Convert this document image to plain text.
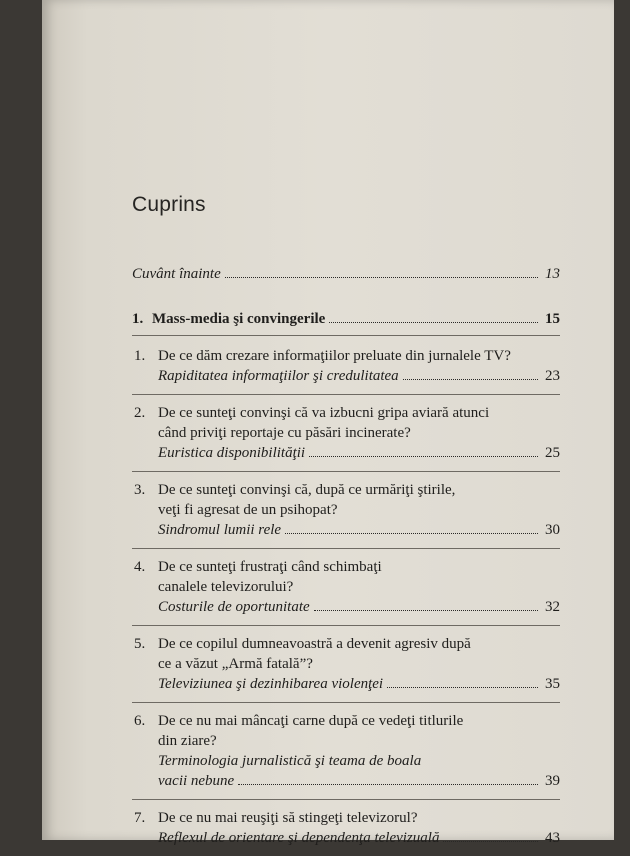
Cuprins
Cuvânt înainte	13
1. Mass-media şi convingerile	15
1. De ce dăm crezare informaţiilor preluate din jurnalele TV?
Rapiditatea informaţiilor şi credulitatea	23
2. De ce sunteţi convinşi că va izbucni gripa aviară atunci
când priviţi reportaje cu păsări incinerate?
Euristica disponibilităţii	25
3. De ce sunteţi convinşi că, după ce urmăriţi ştirile,
veţi fi agresat de un psihopat?
Sindromul lumii rele	30
4. De ce sunteţi frustraţi când schimbaţi
canalele televizorului?
Costurile de oportunitate	32
5. De ce copilul dumneavoastră a devenit agresiv după
ce a văzut „Armă fatală”?
Televiziunea şi dezinhibarea violenţei	35
6. De ce nu mai mâncaţi carne după ce vedeţi titlurile
din ziare?
Terminologia jurnalistică şi teama de boala
vacii nebune	39
7. De ce nu mai reuşiţi să stingeţi televizorul?
Reflexul de orientare şi dependenţa televizuală	43
